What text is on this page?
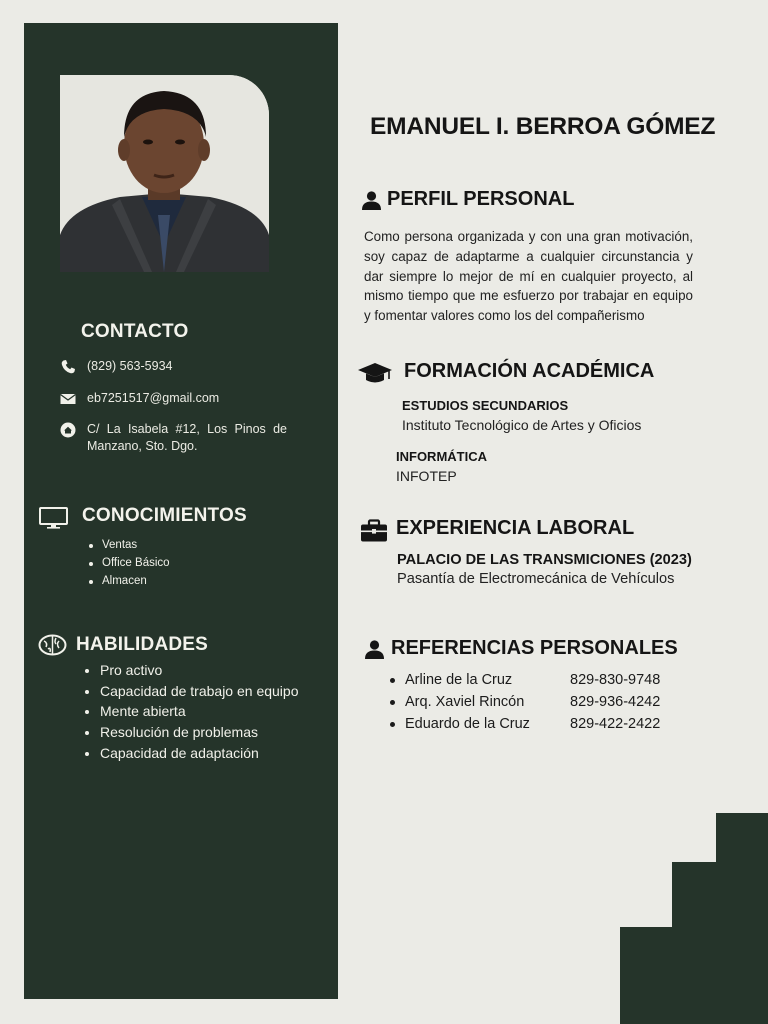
CONTACTO
(829) 563-5934
eb7251517@gmail.com
C/ La Isabela #12, Los Pinos de Manzano, Sto. Dgo.
CONOCIMIENTOS
Ventas
Office Básico
Almacen
HABILIDADES
Pro activo
Capacidad de trabajo en equipo
Mente abierta
Resolución de problemas
Capacidad de adaptación
EMANUEL I. BERROA GÓMEZ
PERFIL PERSONAL

Como persona organizada y con una gran motivación, soy capaz de adaptarme a cualquier circunstancia y dar siempre lo mejor de mí en cualquier proyecto, al mismo tiempo que me esfuerzo por trabajar en equipo y fomentar valores como los del compañerismo

FORMACIÓN ACADÉMICA
ESTUDIOS SECUNDARIOS
Instituto Tecnológico de Artes y Oficios
INFORMÁTICA
INFOTEP
EXPERIENCIA LABORAL
PALACIO DE LAS TRANSMICIONES (2023)
Pasantía de Electromecánica de Vehículos
REFERENCIAS PERSONALES
Arline de la Cruz	829-830-9748
Arq. Xaviel Rincón	829-936-4242
Eduardo de la Cruz	829-422-2422
